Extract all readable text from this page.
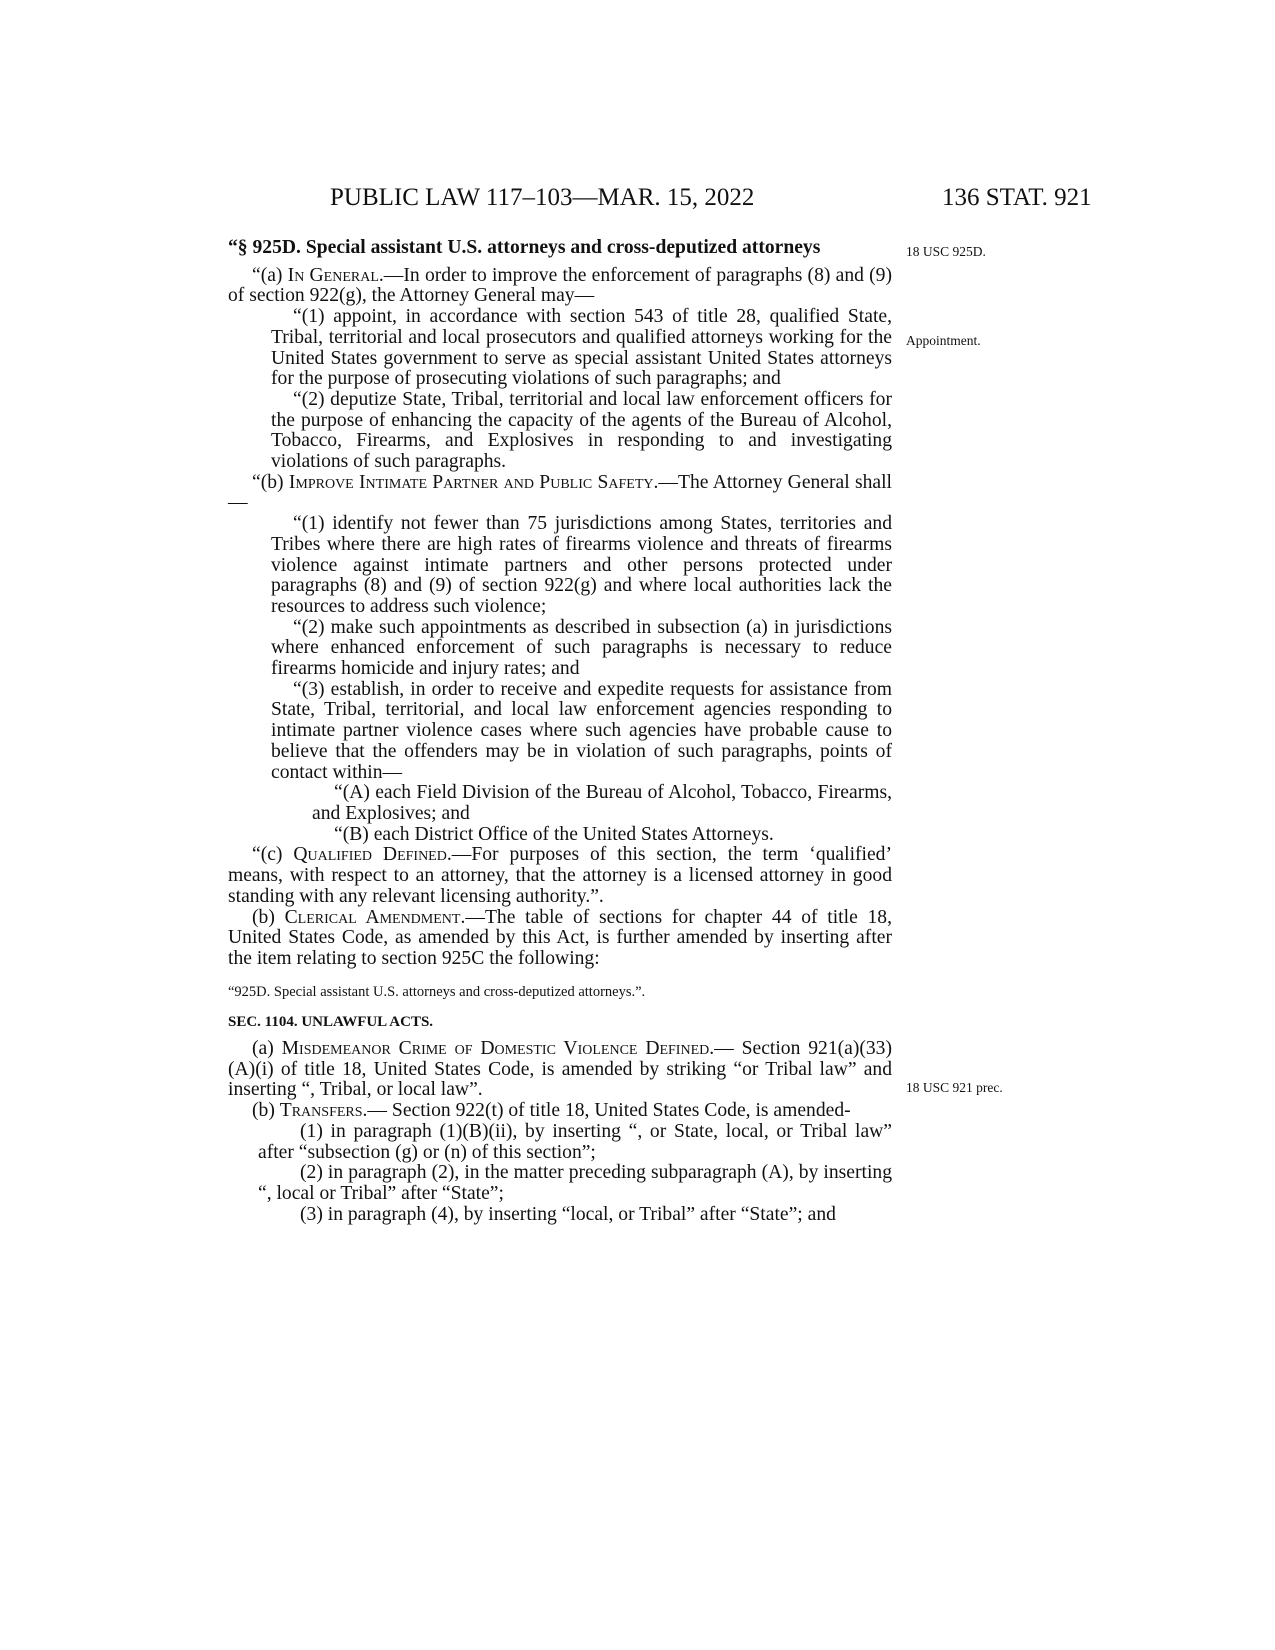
PUBLIC LAW 117–103—MAR. 15, 2022	136 STAT. 921
18 USC 925D.
Appointment.
18 USC 921 prec.

“§ 925D. Special assistant U.S. attorneys and cross-deputized attorneys

“(a) In General.—In order to improve the enforcement of paragraphs (8) and (9) of section 922(g), the Attorney General may—

“(1) appoint, in accordance with section 543 of title 28, qualified State, Tribal, territorial and local prosecutors and qualified attorneys working for the United States government to serve as special assistant United States attorneys for the purpose of prosecuting violations of such paragraphs; and

“(2) deputize State, Tribal, territorial and local law enforcement officers for the purpose of enhancing the capacity of the agents of the Bureau of Alcohol, Tobacco, Firearms, and Explosives in responding to and investigating violations of such paragraphs.

“(b) Improve Intimate Partner and Public Safety.—The Attorney General shall—

“(1) identify not fewer than 75 jurisdictions among States, territories and Tribes where there are high rates of firearms violence and threats of firearms violence against intimate partners and other persons protected under paragraphs (8) and (9) of section 922(g) and where local authorities lack the resources to address such violence;

“(2) make such appointments as described in subsection (a) in jurisdictions where enhanced enforcement of such paragraphs is necessary to reduce firearms homicide and injury rates; and

“(3) establish, in order to receive and expedite requests for assistance from State, Tribal, territorial, and local law enforcement agencies responding to intimate partner violence cases where such agencies have probable cause to believe that the offenders may be in violation of such paragraphs, points of contact within—

“(A) each Field Division of the Bureau of Alcohol, Tobacco, Firearms, and Explosives; and

“(B) each District Office of the United States Attorneys.

“(c) Qualified Defined.—For purposes of this section, the term ‘qualified’ means, with respect to an attorney, that the attorney is a licensed attorney in good standing with any relevant licensing authority.”.

(b) Clerical Amendment.—The table of sections for chapter 44 of title 18, United States Code, as amended by this Act, is further amended by inserting after the item relating to section 925C the following:

“925D. Special assistant U.S. attorneys and cross-deputized attorneys.”.

SEC. 1104. UNLAWFUL ACTS.

(a) Misdemeanor Crime of Domestic Violence Defined.— Section 921(a)(33)(A)(i) of title 18, United States Code, is amended by striking “or Tribal law” and inserting “, Tribal, or local law”.

(b) Transfers.— Section 922(t) of title 18, United States Code, is amended-

(1) in paragraph (1)(B)(ii), by inserting “, or State, local, or Tribal law” after “subsection (g) or (n) of this section”;

(2) in paragraph (2), in the matter preceding subparagraph (A), by inserting “, local or Tribal” after “State”;

(3) in paragraph (4), by inserting “local, or Tribal” after “State”; and
